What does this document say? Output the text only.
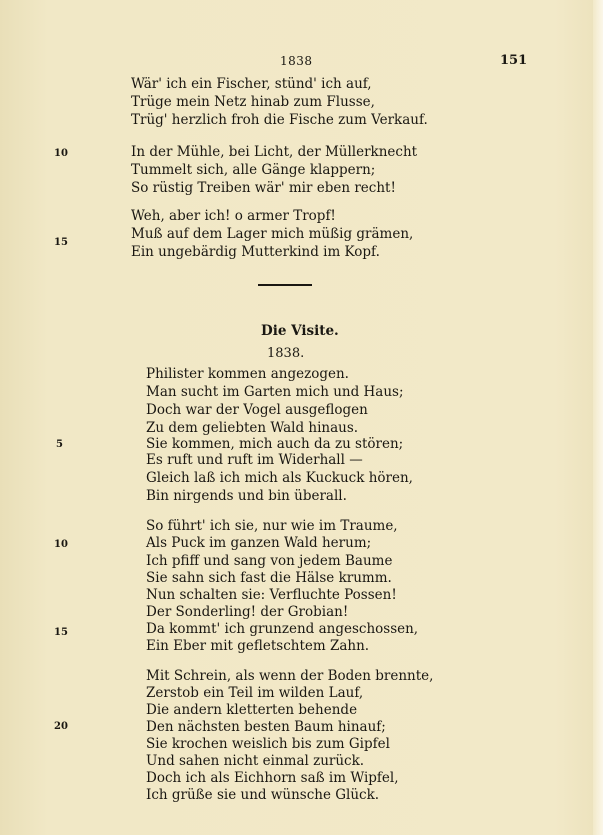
1838	151
Wär' ich ein Fischer, stünd' ich auf,
Trüge mein Netz hinab zum Flusse,
Trüg' herzlich froh die Fische zum Verkauf.
10	In der Mühle, bei Licht, der Müllerknecht
Tummelt sich, alle Gänge klappern;
So rüstig Treiben wär' mir eben recht!
Weh, aber ich! o armer Tropf!
15
Muß auf dem Lager mich müßig grämen,
Ein ungebärdig Mutterkind im Kopf.
Die Visite.
1838.
Philister kommen angezogen.
Man sucht im Garten mich und Haus;
Doch war der Vogel ausgeflogen
Zu dem geliebten Wald hinaus.
5	Sie kommen, mich auch da zu stören;
Es ruft und ruft im Widerhall —
Gleich laß ich mich als Kuckuck hören,
Bin nirgends und bin überall.
So führt' ich sie, nur wie im Traume,
10	Als Puck im ganzen Wald herum;
Ich pfiff und sang von jedem Baume
Sie sahn sich fast die Hälse krumm.
Nun schalten sie: Verfluchte Possen!
Der Sonderling! der Grobian!
15	Da kommt' ich grunzend angeschossen,
Ein Eber mit gefletschtem Zahn.
Mit Schrein, als wenn der Boden brennte,
Zerstob ein Teil im wilden Lauf,
Die andern kletterten behende
20	Den nächsten besten Baum hinauf;
Sie krochen weislich bis zum Gipfel
Und sahen nicht einmal zurück.
Doch ich als Eichhorn saß im Wipfel,
Ich grüße sie und wünsche Glück.
